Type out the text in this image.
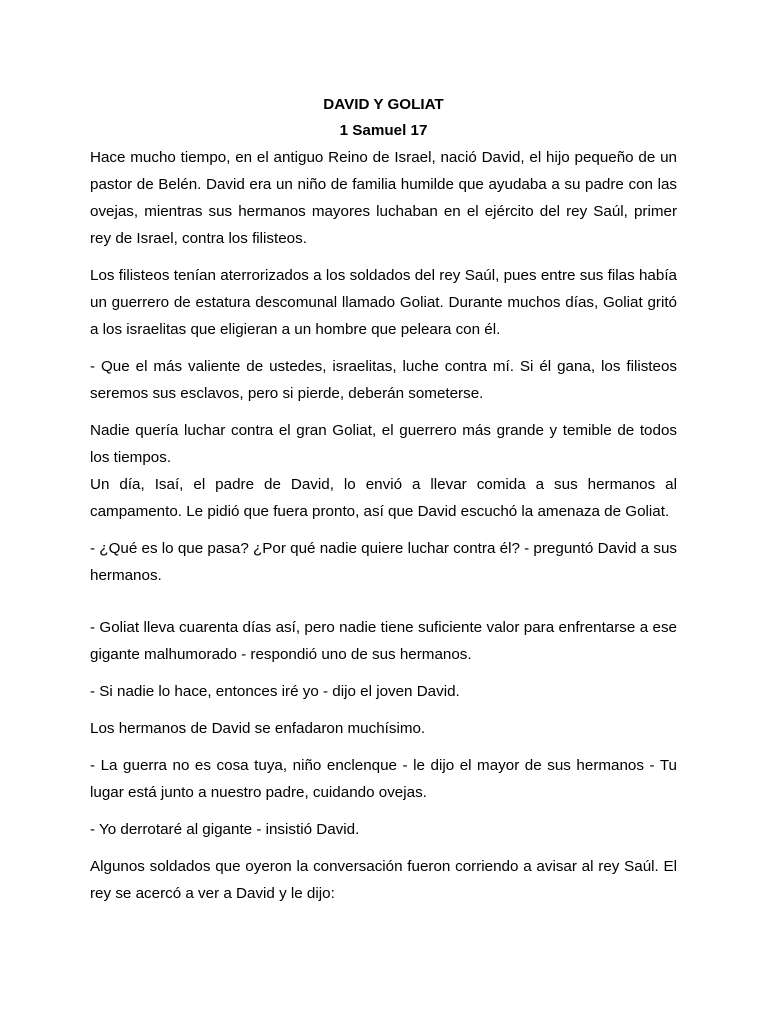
DAVID Y GOLIAT

1 Samuel 17

Hace mucho tiempo, en el antiguo Reino de Israel, nació David, el hijo pequeño de un pastor de Belén. David era un niño de familia humilde que ayudaba a su padre con las ovejas, mientras sus hermanos mayores luchaban en el ejército del rey Saúl, primer rey de Israel, contra los filisteos.

Los filisteos tenían aterrorizados a los soldados del rey Saúl, pues entre sus filas había un guerrero de estatura descomunal llamado Goliat. Durante muchos días, Goliat gritó a los israelitas que eligieran a un hombre que peleara con él.

- Que el más valiente de ustedes, israelitas, luche contra mí. Si él gana, los filisteos seremos sus esclavos, pero si pierde, deberán someterse.

Nadie quería luchar contra el gran Goliat, el guerrero más grande y temible de todos los tiempos.

Un día, Isaí, el padre de David, lo envió a llevar comida a sus hermanos al campamento. Le pidió que fuera pronto, así que David escuchó la amenaza de Goliat.

- ¿Qué es lo que pasa? ¿Por qué nadie quiere luchar contra él? - preguntó David a sus hermanos.

- Goliat lleva cuarenta días así, pero nadie tiene suficiente valor para enfrentarse a ese gigante malhumorado - respondió uno de sus hermanos.

- Si nadie lo hace, entonces iré yo - dijo el joven David.

Los hermanos de David se enfadaron muchísimo.

- La guerra no es cosa tuya, niño enclenque - le dijo el mayor de sus hermanos - Tu lugar está junto a nuestro padre, cuidando ovejas.

- Yo derrotaré al gigante - insistió David.

Algunos soldados que oyeron la conversación fueron corriendo a avisar al rey Saúl. El rey se acercó a ver a David y le dijo:
